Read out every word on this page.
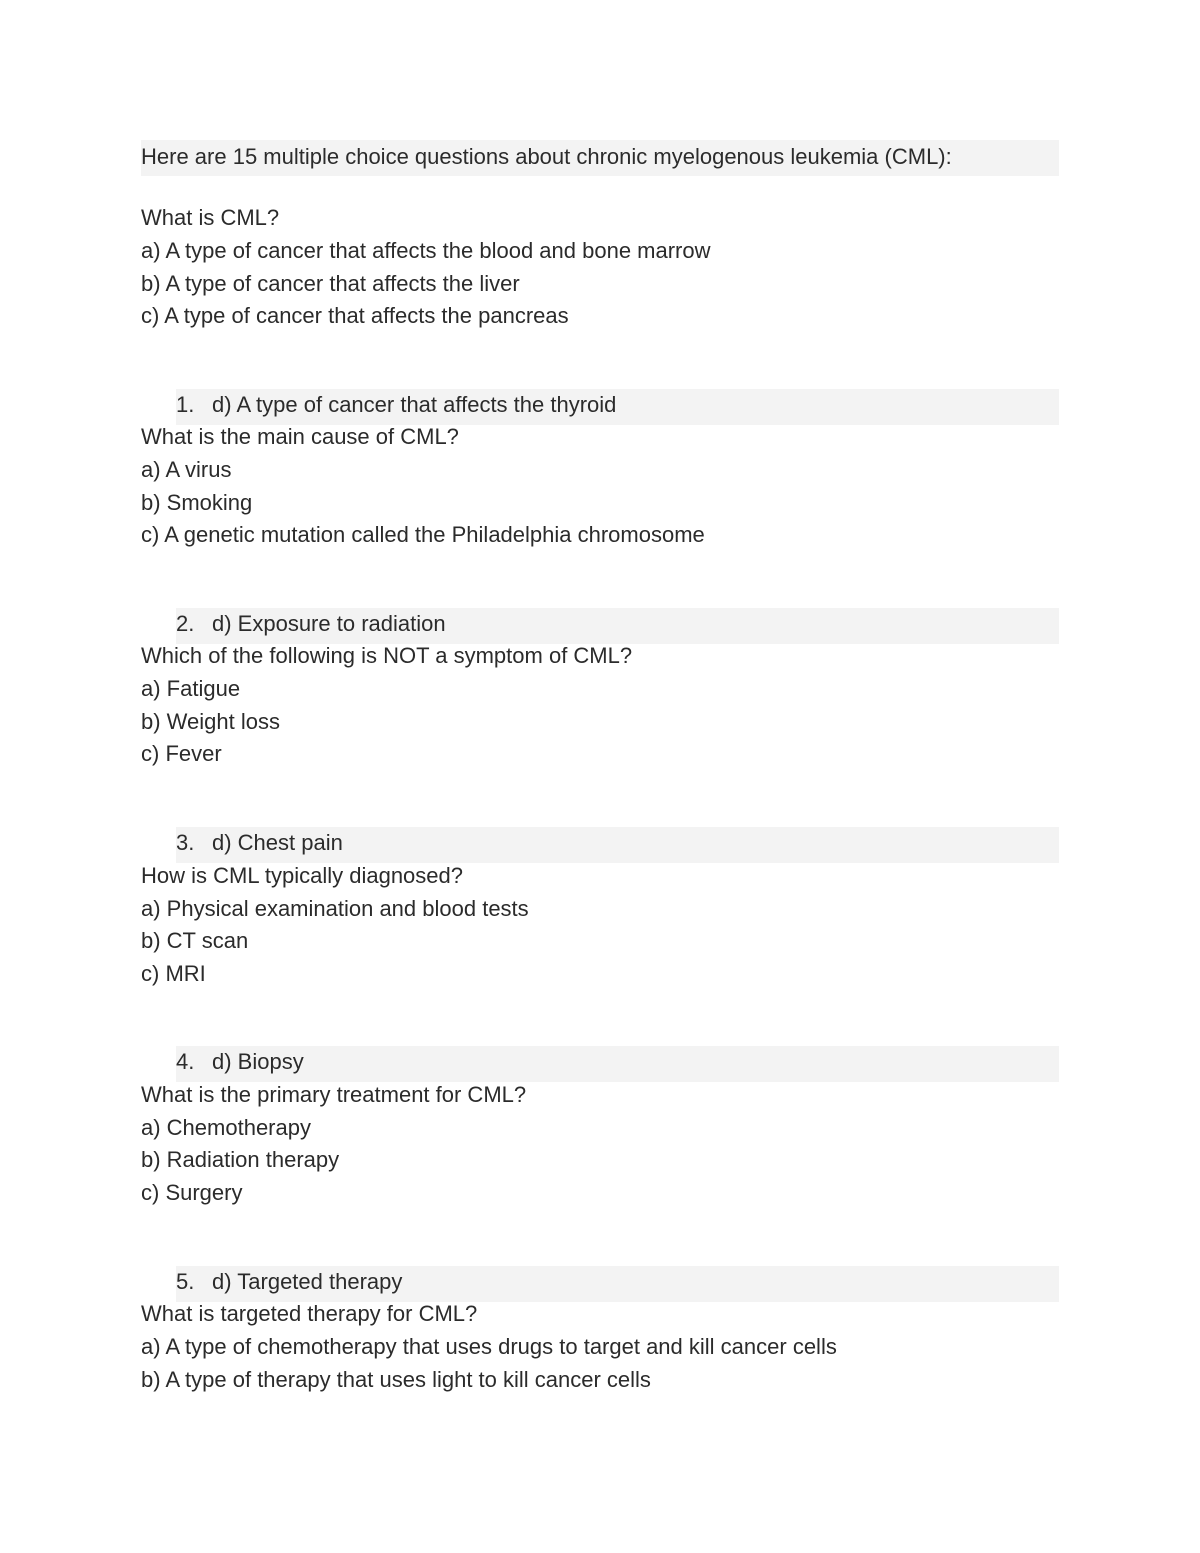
Here are 15 multiple choice questions about chronic myelogenous leukemia (CML):
What is CML?
a) A type of cancer that affects the blood and bone marrow
b) A type of cancer that affects the liver
c) A type of cancer that affects the pancreas
1. d) A type of cancer that affects the thyroid
What is the main cause of CML?
a) A virus
b) Smoking
c) A genetic mutation called the Philadelphia chromosome
2. d) Exposure to radiation
Which of the following is NOT a symptom of CML?
a) Fatigue
b) Weight loss
c) Fever
3. d) Chest pain
How is CML typically diagnosed?
a) Physical examination and blood tests
b) CT scan
c) MRI
4. d) Biopsy
What is the primary treatment for CML?
a) Chemotherapy
b) Radiation therapy
c) Surgery
5. d) Targeted therapy
What is targeted therapy for CML?
a) A type of chemotherapy that uses drugs to target and kill cancer cells
b) A type of therapy that uses light to kill cancer cells
